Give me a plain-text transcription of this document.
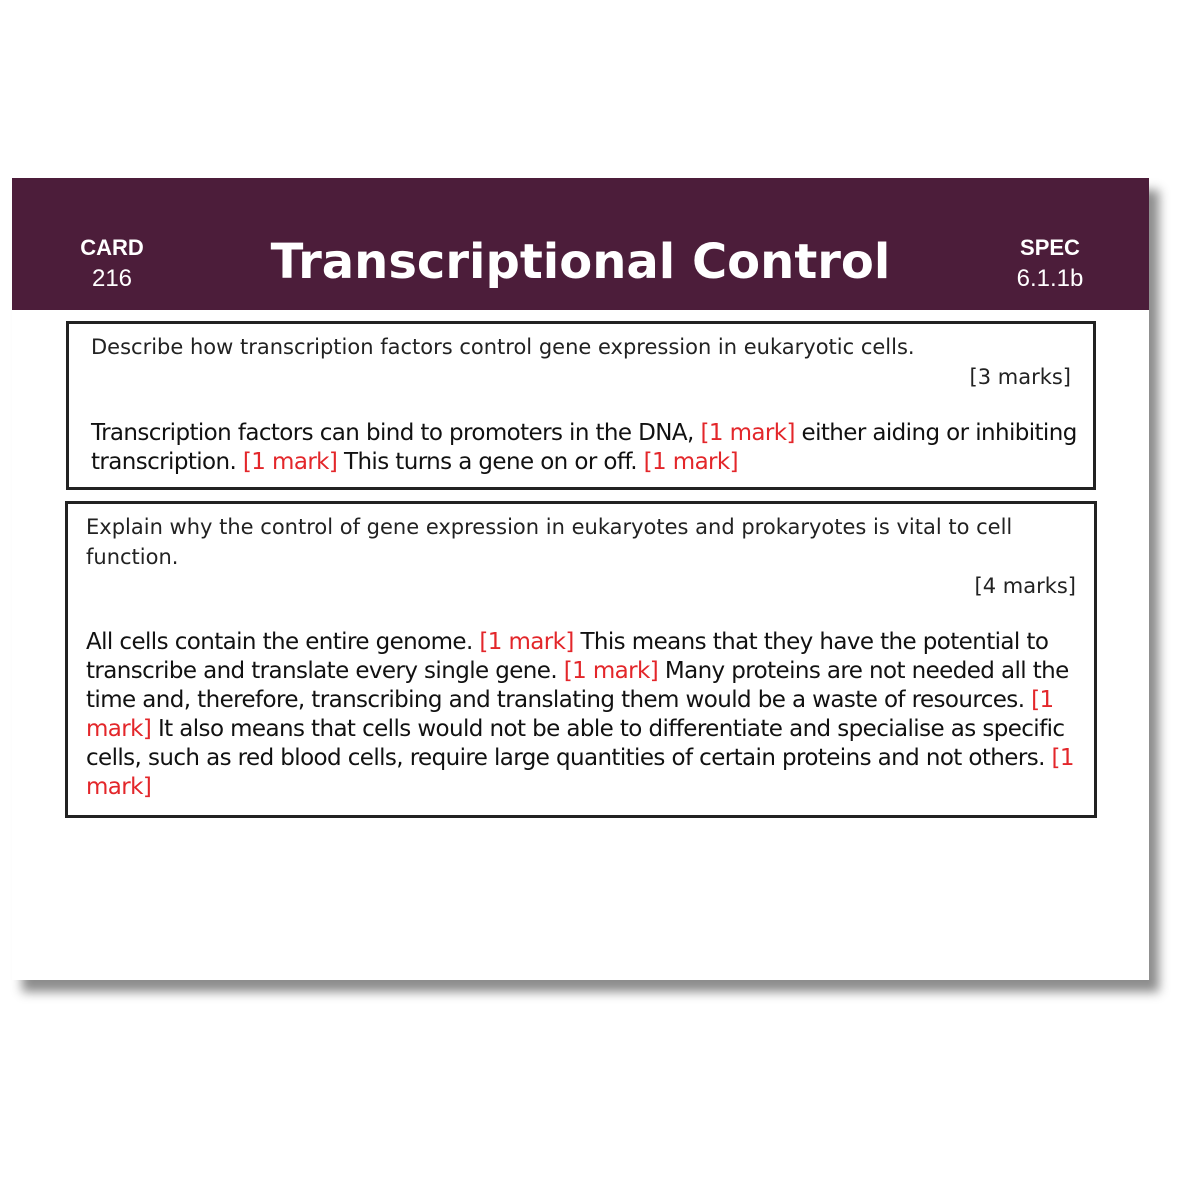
CARD
216	Transcriptional Control	SPEC
6.1.1b
Describe how transcription factors control gene expression in eukaryotic cells.
[3 marks]
Transcription factors can bind to promoters in the DNA, [1 mark] either aiding or inhibiting transcription. [1 mark] This turns a gene on or off. [1 mark]
Explain why the control of gene expression in eukaryotes and prokaryotes is vital to cell function.
[4 marks]
All cells contain the entire genome. [1 mark] This means that they have the potential to transcribe and translate every single gene. [1 mark] Many proteins are not needed all the time and, therefore, transcribing and translating them would be a waste of resources. [1 mark] It also means that cells would not be able to differentiate and specialise as specific cells, such as red blood cells, require large quantities of certain proteins and not others. [1 mark]
